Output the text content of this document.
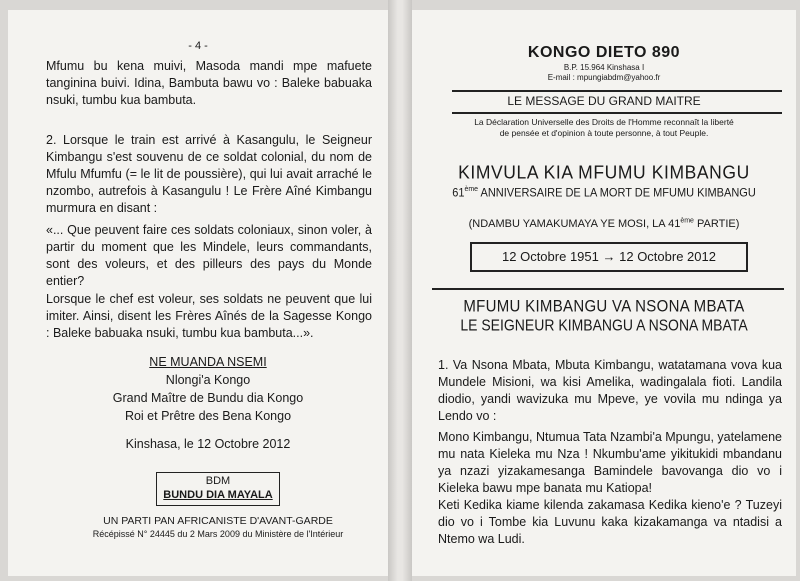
- 4 -
Mfumu bu kena muivi, Masoda mandi mpe mafuete tanginina buivi. Idina, Bambuta bawu vo : Baleke babuaka nsuki, tumbu kua bambuta.
2. Lorsque le train est arrivé à Kasangulu, le Seigneur Kimbangu s'est souvenu de ce soldat colonial, du nom de Mfulu Mfumfu (= le lit de poussière), qui lui avait arraché le nzombo, autrefois à Kasangulu ! Le Frère Aîné Kimbangu murmura en disant :
«... Que peuvent faire ces soldats coloniaux, sinon voler, à partir du moment que les Mindele, leurs commandants, sont des voleurs, et des pilleurs des pays du Monde entier?
Lorsque le chef est voleur, ses soldats ne peuvent que lui imiter. Ainsi, disent les Frères Aînés de la Sagesse Kongo : Baleke babuaka nsuki, tumbu kua bambuta...».
NE MUANDA NSEMI
Nlongi'a Kongo
Grand Maître de Bundu dia Kongo
Roi et Prêtre des Bena Kongo
Kinshasa, le 12 Octobre 2012
BDM
BUNDU DIA MAYALA
UN PARTI PAN AFRICANISTE D'AVANT-GARDE
Récépissé N° 24445 du 2 Mars 2009 du Ministère de l'Intérieur
KONGO DIETO 890
B.P. 15.964 Kinshasa I
E-mail : mpungiabdm@yahoo.fr
LE MESSAGE DU GRAND MAITRE
La Déclaration Universelle des Droits de l'Homme reconnaît la liberté
de pensée et d'opinion à toute personne, à tout Peuple.
KIMVULA KIA MFUMU KIMBANGU
61ème ANNIVERSAIRE DE LA MORT DE MFUMU KIMBANGU
(NDAMBU YAMAKUMAYA YE MOSI, LA 41ème PARTIE)
12 Octobre 1951 → 12 Octobre 2012
MFUMU KIMBANGU VA NSONA MBATA
LE SEIGNEUR KIMBANGU A NSONA MBATA
1. Va Nsona Mbata, Mbuta Kimbangu, watatamana vova kua Mundele Misioni, wa kisi Amelika, wadingalala fioti. Landila diodio, yandi wavizuka mu Mpeve, ye vovila mu ndinga ya Lendo vo :
Mono Kimbangu, Ntumua Tata Nzambi'a Mpungu, yatelamene mu nata Kieleka mu Nza ! Nkumbu'ame yikitukidi mbandanu ya nzazi yizakamesanga Bamindele bavovanga dio vo i Kieleka bawu mpe banata mu Katiopa!
Keti Kedika kiame kilenda zakamasa Kedika kieno'e ? Tuzeyi dio vo i Tombe kia Luvunu kaka kizakamanga va ntadisi a Ntemo wa Ludi.
